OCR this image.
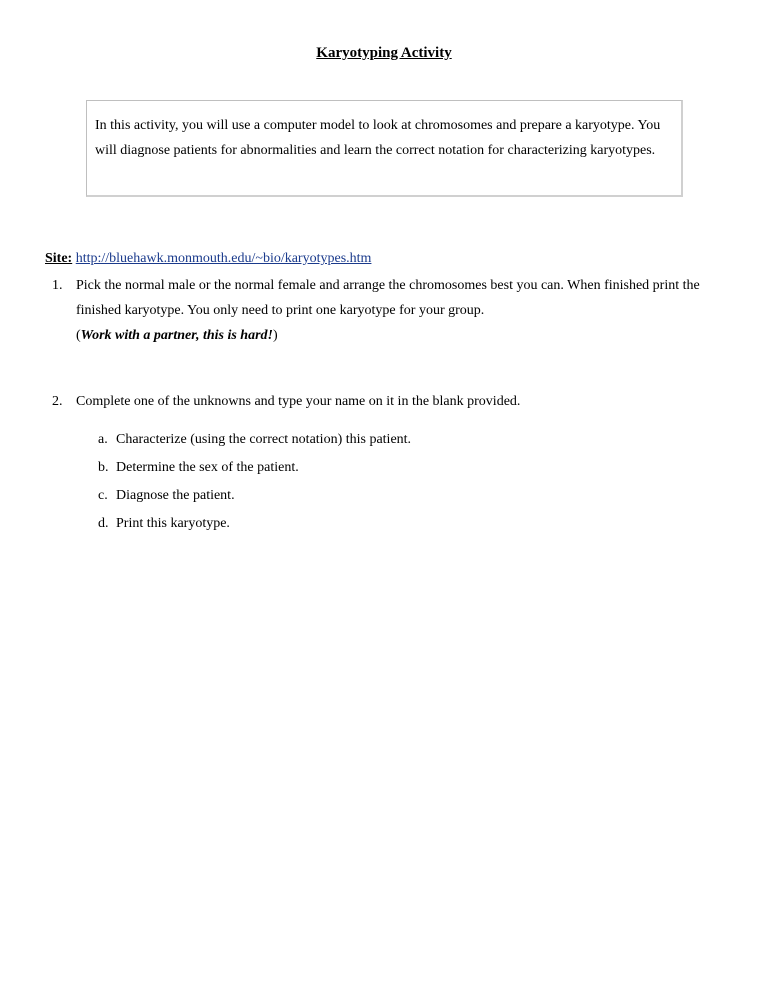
Karyotyping Activity
In this activity, you will use a computer model to look at chromosomes and prepare a karyotype. You will diagnose patients for abnormalities and learn the correct notation for characterizing karyotypes.
Site: http://bluehawk.monmouth.edu/~bio/karyotypes.htm
1. Pick the normal male or the normal female and arrange the chromosomes best you can. When finished print the finished karyotype. You only need to print one karyotype for your group.
(Work with a partner, this is hard!)
2. Complete one of the unknowns and type your name on it in the blank provided.
a. Characterize (using the correct notation) this patient.
b. Determine the sex of the patient.
c. Diagnose the patient.
d. Print this karyotype.
